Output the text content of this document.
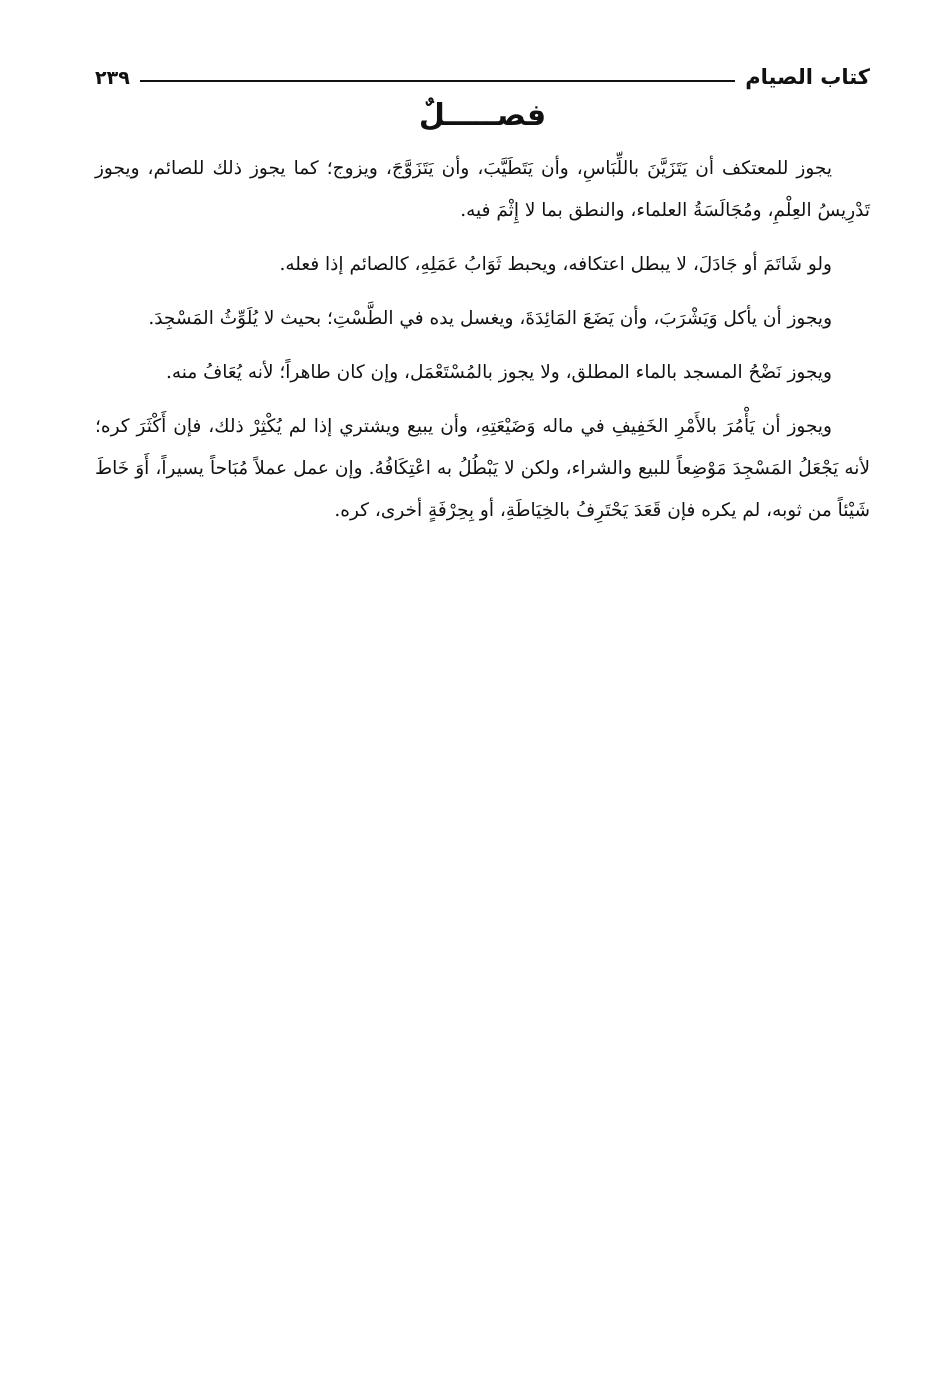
كتاب الصيام
٢٣٩
فصـــــلٌ

يجوز للمعتكف أن يَتَزَيَّنَ باللِّبَاسِ، وأن يَتَطَيَّبَ، وأن يَتَزَوَّجَ، ويزوج؛ كما يجوز ذلك للصائم، ويجوز تَدْرِيسُ العِلْمِ، ومُجَالَسَةُ العلماء، والنطق بما لا إِثْمَ فيه.

ولو شَاتَمَ أو جَادَلَ، لا يبطل اعتكافه، ويحبط ثَوَابُ عَمَلِهِ، كالصائم إذا فعله.

ويجوز أن يأكل وَيَشْرَبَ، وأن يَضَعَ المَائِدَةَ، ويغسل يده في الطَّسْتِ؛ بحيث لا يُلَوِّثُ المَسْجِدَ.

ويجوز نَضْحُ المسجد بالماء المطلق، ولا يجوز بالمُسْتَعْمَل، وإن كان طاهراً؛ لأنه يُعَافُ منه.

ويجوز أن يَأْمُرَ بالأَمْرِ الخَفِيفِ في ماله وَضَيْعَتِهِ، وأن يبيع ويشتري إذا لم يُكْثِرْ ذلك، فإن أَكْثَرَ كره؛ لأنه يَجْعَلُ المَسْجِدَ مَوْضِعاً للبيع والشراء، ولكن لا يَبْطُلُ به اعْتِكَافُهُ. وإن عمل عملاً مُبَاحاً يسيراً، أَوَ خَاطَ شَيْئاً من ثوبه، لم يكره فإن قَعَدَ يَحْتَرِفُ بالخِيَاطَةِ، أو بِحِرْفَةٍ أخرى، كره.
